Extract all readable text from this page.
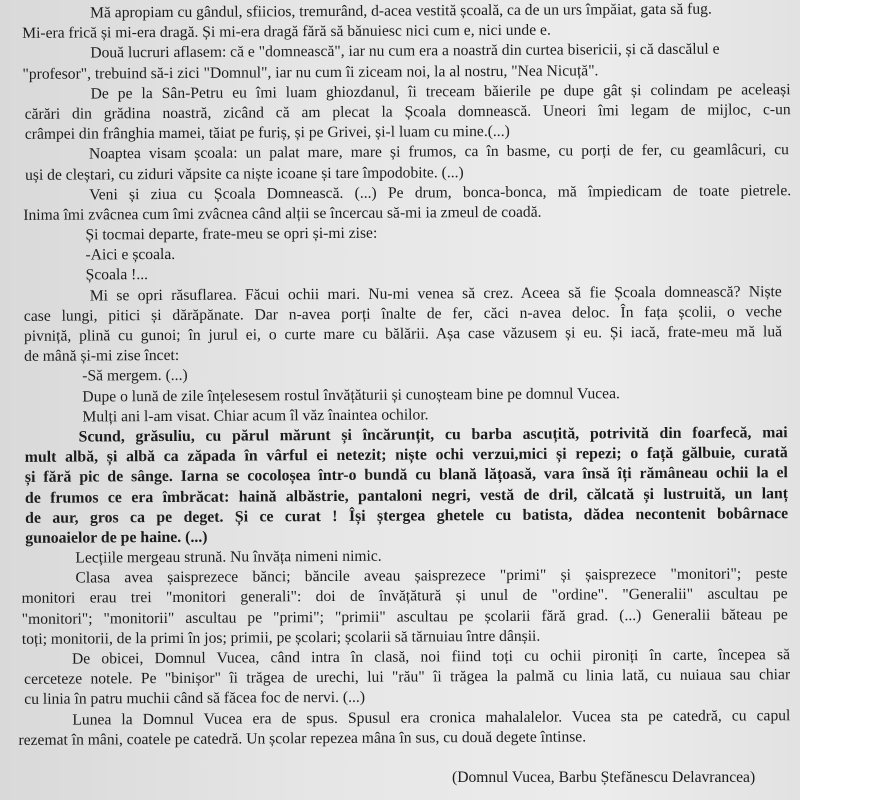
Mă apropiam cu gândul, sfiicios, tremurând, d-acea vestită școală, ca de un urs împăiat, gata să fug.
Mi-era frică și mi-era dragă. Și mi-era dragă fără să bănuiesc nici cum e, nici unde e.
Două lucruri aflasem: că e "domnească", iar nu cum era a noastră din curtea bisericii, și că dascălul e
"profesor", trebuind să-i zici "Domnul", iar nu cum îi ziceam noi, la al nostru, "Nea Nicuță".
De pe la Sân-Petru eu îmi luam ghiozdanul, îi treceam băierile pe dupe gât și colindam pe aceleași
cărări din grădina noastră, zicând că am plecat la Școala domnească. Uneori îmi legam de mijloc, c-un
crâmpei din frânghia mamei, tăiat pe furiș, și pe Grivei, și-l luam cu mine.(...)
Noaptea visam școala: un palat mare, mare și frumos, ca în basme, cu porți de fer, cu geamlâcuri, cu
uși de cleștari, cu ziduri văpsite ca niște icoane și tare împodobite. (...)
Veni și ziua cu Școala Domnească. (...) Pe drum, bonca-bonca, mă împiedicam de toate pietrele.
Inima îmi zvâcnea cum îmi zvâcnea când alții se încercau să-mi ia zmeul de coadă.
Și tocmai departe, frate-meu se opri și-mi zise:
-Aici e școala.
Școala !...
Mi se opri răsuflarea. Făcui ochii mari. Nu-mi venea să crez. Aceea să fie Școala domnească? Niște
case lungi, pitici și dărăpănate. Dar n-avea porți înalte de fer, căci n-avea deloc. În fața școlii, o veche
pivniță, plină cu gunoi; în jurul ei, o curte mare cu bălării. Așa case văzusem și eu. Și iacă, frate-meu mă luă
de mână și-mi zise încet:
-Să mergem. (...)
Dupe o lună de zile înțelesesem rostul învățăturii și cunoșteam bine pe domnul Vucea.
Mulți ani l-am visat. Chiar acum îl văz înaintea ochilor.
Scund, grăsuliu, cu părul mărunt și încărunțit, cu barba ascuțită, potrivită din foarfecă, mai
mult albă, și albă ca zăpada în vârful ei netezit; niște ochi verzui,mici și repezi; o față gălbuie, curată
și fără pic de sânge. Iarna se cocoloșea într-o bundă cu blană lățoasă, vara însă îți rămâneau ochii la el
de frumos ce era îmbrăcat: haină albăstrie, pantaloni negri, vestă de dril, călcată și lustruită, un lanț
de aur, gros ca pe deget. Și ce curat ! Își ștergea ghetele cu batista, dădea necontenit bobârnace
gunoaielor de pe haine. (...)
Lecțiile mergeau strună. Nu învăța nimeni nimic.
Clasa avea șaisprezece bănci; băncile aveau șaisprezece "primi" și șaisprezece "monitori"; peste
monitori erau trei "monitori generali": doi de învățătură și unul de "ordine". "Generalii" ascultau pe
"monitori"; "monitorii" ascultau pe "primi"; "primii" ascultau pe școlarii fără grad. (...) Generalii băteau pe
toți; monitorii, de la primi în jos; primii, pe școlari; școlarii să tărnuiau între dânșii.
De obicei, Domnul Vucea, când intra în clasă, noi fiind toți cu ochii pironiți în carte, începea să
cerceteze notele. Pe "binișor" îi trăgea de urechi, lui "rău" îi trăgea la palmă cu linia lată, cu nuiaua sau chiar
cu linia în patru muchii când să făcea foc de nervi. (...)
Lunea la Domnul Vucea era de spus. Spusul era cronica mahalalelor. Vucea sta pe catedră, cu capul
rezemat în mâni, coatele pe catedră. Un școlar repezea mâna în sus, cu două degete întinse.
(Domnul Vucea, Barbu Ștefănescu Delavrancea)
